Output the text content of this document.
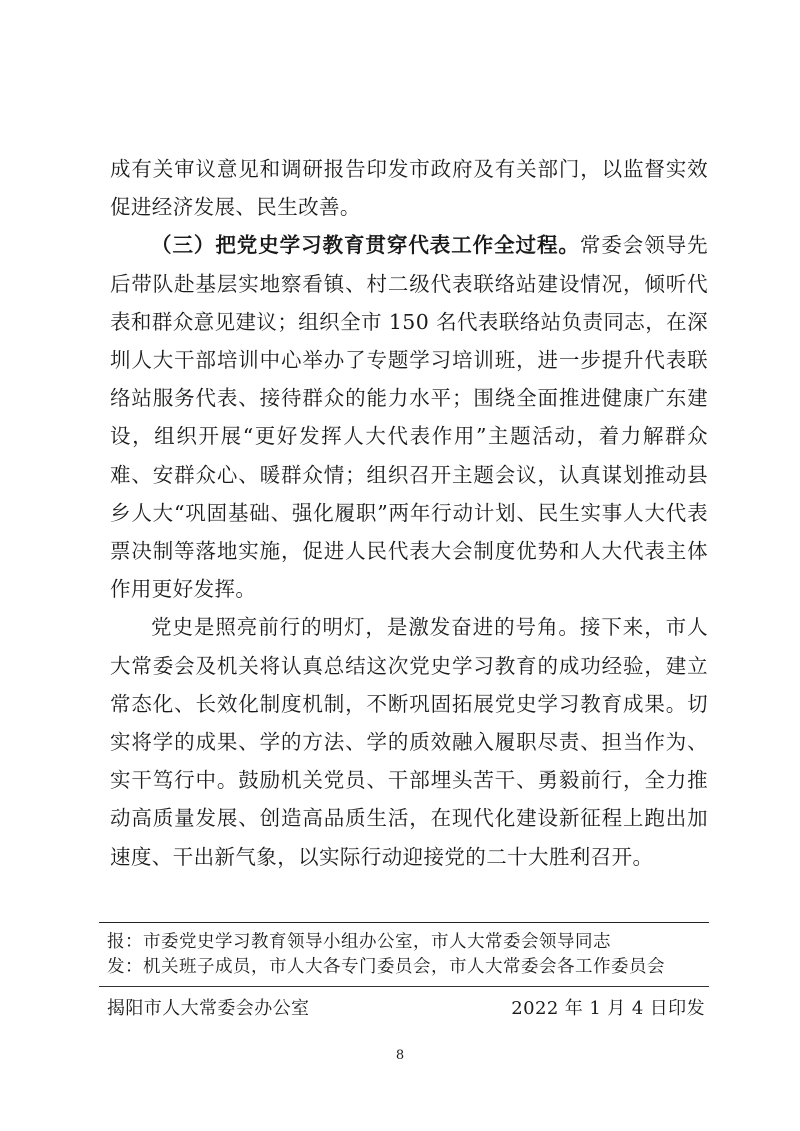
成有关审议意见和调研报告印发市政府及有关部门，以监督实效促进经济发展、民生改善。

（三）把党史学习教育贯穿代表工作全过程。常委会领导先后带队赴基层实地察看镇、村二级代表联络站建设情况，倾听代表和群众意见建议；组织全市 150 名代表联络站负责同志，在深圳人大干部培训中心举办了专题学习培训班，进一步提升代表联络站服务代表、接待群众的能力水平；围绕全面推进健康广东建设，组织开展“更好发挥人大代表作用”主题活动，着力解群众难、安群众心、暖群众情；组织召开主题会议，认真谋划推动县乡人大“巩固基础、强化履职”两年行动计划、民生实事人大代表票决制等落地实施，促进人民代表大会制度优势和人大代表主体作用更好发挥。

党史是照亮前行的明灯，是激发奋进的号角。接下来，市人大常委会及机关将认真总结这次党史学习教育的成功经验，建立常态化、长效化制度机制，不断巩固拓展党史学习教育成果。切实将学的成果、学的方法、学的质效融入履职尽责、担当作为、实干笃行中。鼓励机关党员、干部埋头苦干、勇毅前行，全力推动高质量发展、创造高品质生活，在现代化建设新征程上跑出加速度、干出新气象，以实际行动迎接党的二十大胜利召开。

报：市委党史学习教育领导小组办公室，市人大常委会领导同志
发：机关班子成员，市人大各专门委员会，市人大常委会各工作委员会
揭阳市人大常委会办公室	2022 年 1 月 4 日印发
8
